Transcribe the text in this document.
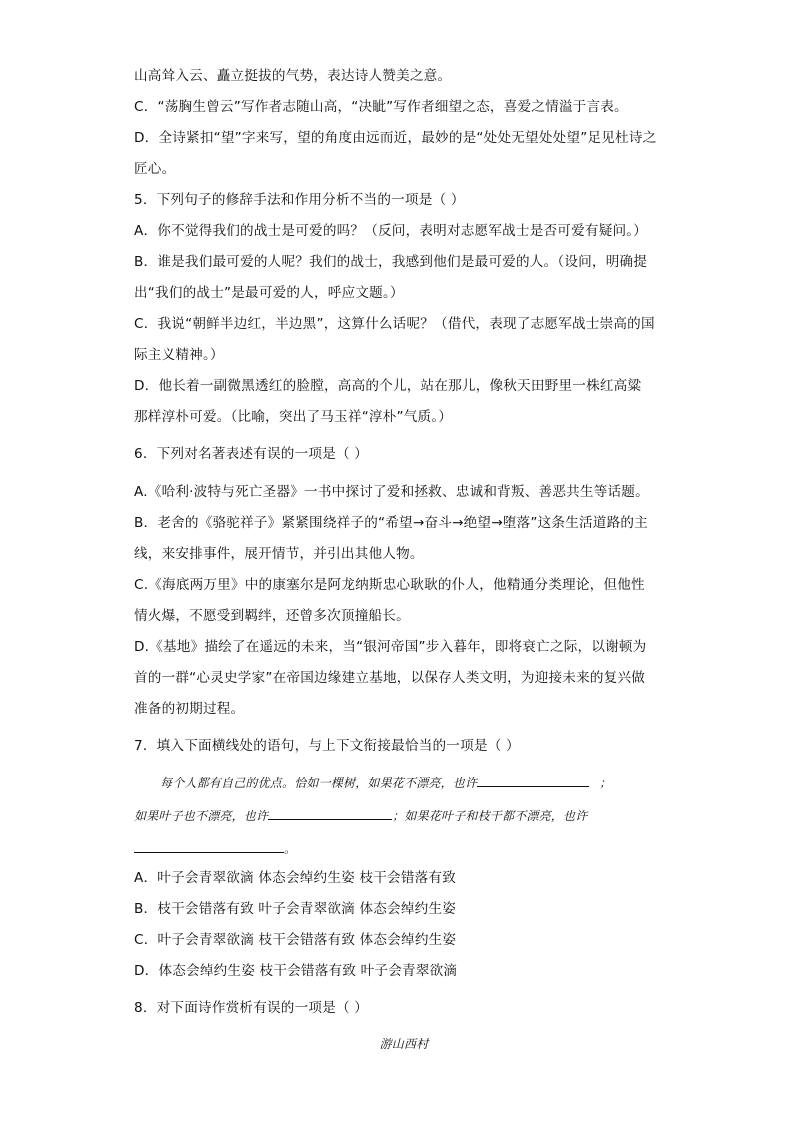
山高耸入云、矗立挺拔的气势，表达诗人赞美之意。
C．“荡胸生曾云”写作者志随山高，“决眦”写作者细望之态，喜爱之情溢于言表。
D．全诗紧扣“望”字来写，望的角度由远而近，最妙的是“处处无望处处望”足见杜诗之
匠心。
5．下列句子的修辞手法和作用分析不当的一项是（ ）
A．你不觉得我们的战士是可爱的吗？（反问，表明对志愿军战士是否可爱有疑问。）
B．谁是我们最可爱的人呢？我们的战士，我感到他们是最可爱的人。（设问，明确提
出“我们的战士”是最可爱的人，呼应文题。）
C．我说“朝鲜半边红，半边黑”，这算什么话呢？（借代，表现了志愿军战士崇高的国
际主义精神。）
D．他长着一副微黑透红的脸膛，高高的个儿，站在那儿，像秋天田野里一株红高粱
那样淳朴可爱。（比喻，突出了马玉祥“淳朴”气质。）
6．下列对名著表述有误的一项是（ ）
A.《哈利·波特与死亡圣器》一书中探讨了爱和拯救、忠诚和背叛、善恶共生等话题。
B．老舍的《骆驼祥子》紧紧围绕祥子的“希望→奋斗→绝望→堕落”这条生活道路的主
线，来安排事件，展开情节，并引出其他人物。
C.《海底两万里》中的康塞尔是阿龙纳斯忠心耿耿的仆人，他精通分类理论，但他性
情火爆，不愿受到羁绊，还曾多次顶撞船长。
D.《基地》描绘了在遥远的未来，当“银河帝国”步入暮年，即将衰亡之际，以谢顿为
首的一群“心灵史学家”在帝国边缘建立基地，以保存人类文明，为迎接未来的复兴做
准备的初期过程。
7．填入下面横线处的语句，与上下文衔接最恰当的一项是（ ）
每个人都有自己的优点。恰如一棵树，如果花不漂亮，也许	；
如果叶子也不漂亮，也许	；如果花叶子和枝干都不漂亮，也许
。
A．叶子会青翠欲滴 体态会绰约生姿 枝干会错落有致
B．枝干会错落有致 叶子会青翠欲滴 体态会绰约生姿
C．叶子会青翠欲滴 枝干会错落有致 体态会绰约生姿
D．体态会绰约生姿 枝干会错落有致 叶子会青翠欲滴
8．对下面诗作赏析有误的一项是（ ）
游山西村
